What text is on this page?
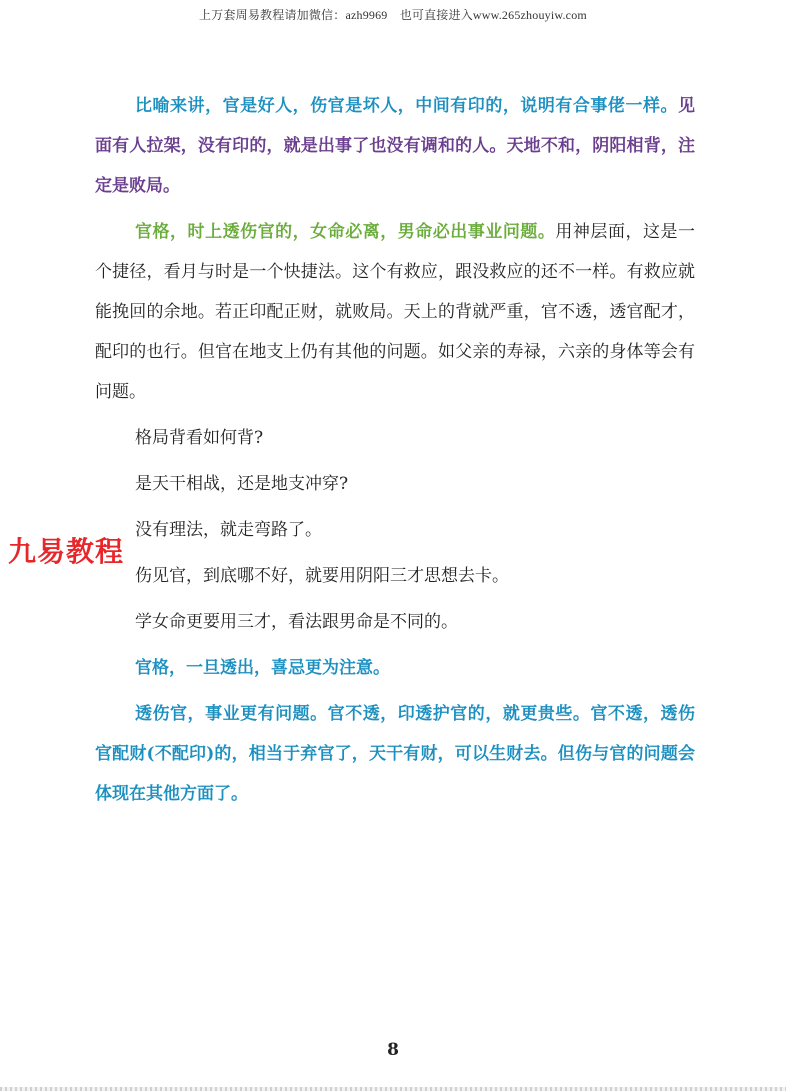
上万套周易教程请加微信：azh9969　也可直接进入www.265zhouyiw.com

比喻来讲，官是好人，伤官是坏人，中间有印的，说明有合事佬一样。见面有人拉架，没有印的，就是出事了也没有调和的人。天地不和，阴阳相背，注定是败局。

官格，时上透伤官的，女命必离，男命必出事业问题。用神层面，这是一个捷径，看月与时是一个快捷法。这个有救应，跟没救应的还不一样。有救应就能挽回的余地。若正印配正财，就败局。天上的背就严重，官不透，透官配才，配印的也行。但官在地支上仍有其他的问题。如父亲的寿禄，六亲的身体等会有问题。

格局背看如何背?

是天干相战，还是地支冲穿?

没有理法，就走弯路了。

伤见官，到底哪不好，就要用阴阳三才思想去卡。

学女命更要用三才，看法跟男命是不同的。

官格，一旦透出，喜忌更为注意。

透伤官，事业更有问题。官不透，印透护官的，就更贵些。官不透，透伤官配财(不配印)的，相当于弃官了，天干有财，可以生财去。但伤与官的问题会体现在其他方面了。

九易教程
8
